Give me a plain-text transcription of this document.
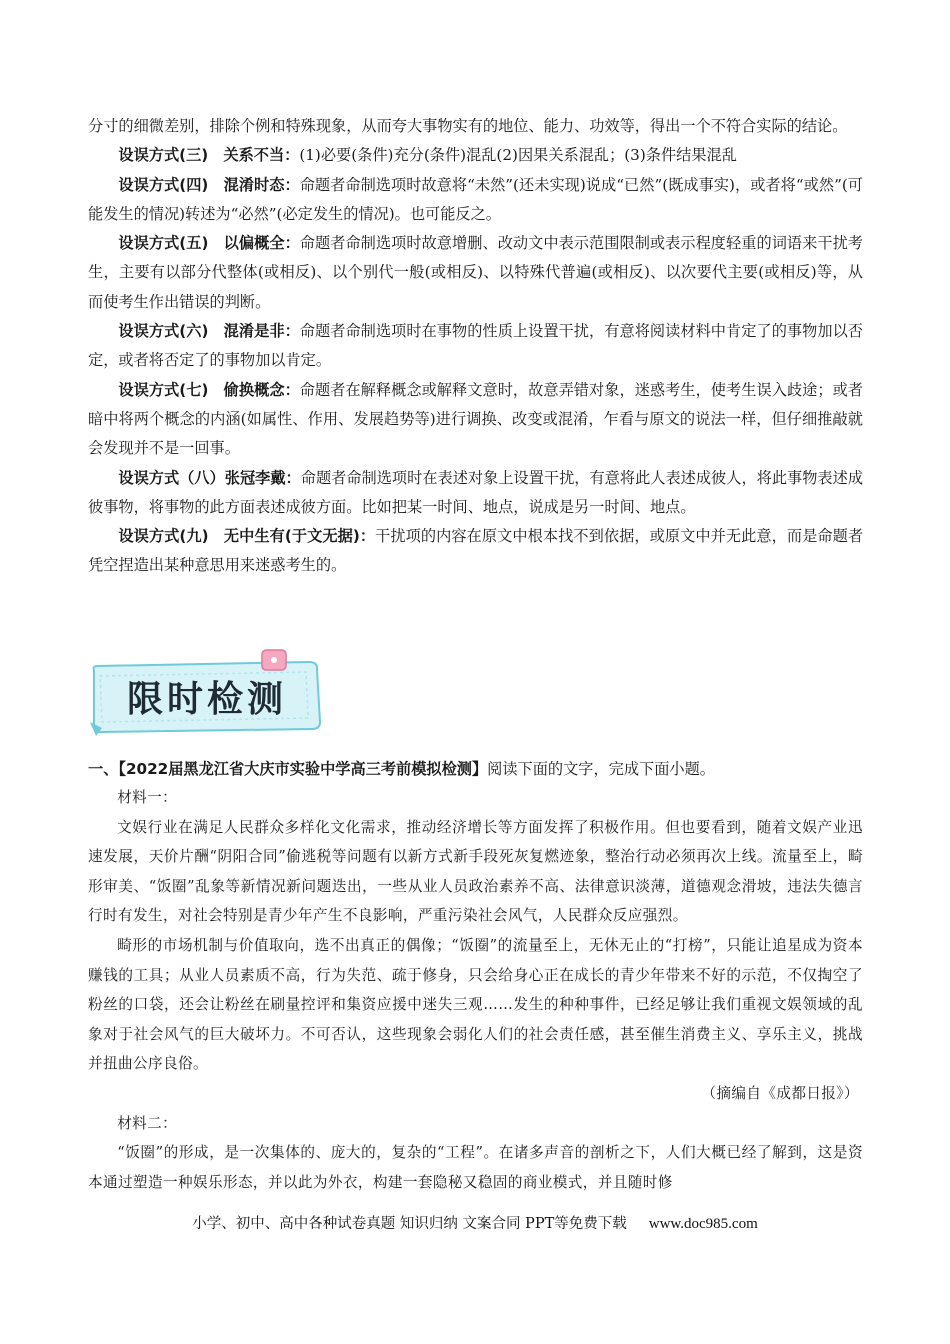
分寸的细微差别，排除个例和特殊现象，从而夸大事物实有的地位、能力、功效等，得出一个不符合实际的结论。

设误方式(三)　关系不当：(1)必要(条件)充分(条件)混乱(2)因果关系混乱；(3)条件结果混乱

设误方式(四)　混淆时态：命题者命制选项时故意将“未然”(还未实现)说成“已然”(既成事实)，或者将“或然”(可能发生的情况)转述为“必然”(必定发生的情况)。也可能反之。

设误方式(五)　以偏概全：命题者命制选项时故意增删、改动文中表示范围限制或表示程度轻重的词语来干扰考生，主要有以部分代整体(或相反)、以个别代一般(或相反)、以特殊代普遍(或相反)、以次要代主要(或相反)等，从而使考生作出错误的判断。

设误方式(六)　混淆是非：命题者命制选项时在事物的性质上设置干扰，有意将阅读材料中肯定了的事物加以否定，或者将否定了的事物加以肯定。

设误方式(七)　偷换概念：命题者在解释概念或解释文意时，故意弄错对象，迷惑考生，使考生误入歧途；或者暗中将两个概念的内涵(如属性、作用、发展趋势等)进行调换、改变或混淆，乍看与原文的说法一样，但仔细推敲就会发现并不是一回事。

设误方式（八）张冠李戴：命题者命制选项时在表述对象上设置干扰，有意将此人表述成彼人，将此事物表述成彼事物，将事物的此方面表述成彼方面。比如把某一时间、地点，说成是另一时间、地点。

设误方式(九)　无中生有(于文无据)：干扰项的内容在原文中根本找不到依据，或原文中并无此意，而是命题者凭空捏造出某种意思用来迷惑考生的。

限时检测

一、【2022届黑龙江省大庆市实验中学高三考前模拟检测】阅读下面的文字，完成下面小题。

材料一：

文娱行业在满足人民群众多样化文化需求，推动经济增长等方面发挥了积极作用。但也要看到，随着文娱产业迅速发展，天价片酬“阴阳合同”偷逃税等问题有以新方式新手段死灰复燃迹象，整治行动必须再次上线。流量至上，畸形审美、“饭圈”乱象等新情况新问题迭出，一些从业人员政治素养不高、法律意识淡薄，道德观念滑坡，违法失德言行时有发生，对社会特别是青少年产生不良影响，严重污染社会风气，人民群众反应强烈。

畸形的市场机制与价值取向，选不出真正的偶像；“饭圈”的流量至上，无休无止的“打榜”，只能让追星成为资本赚钱的工具；从业人员素质不高，行为失范、疏于修身，只会给身心正在成长的青少年带来不好的示范，不仅掏空了粉丝的口袋，还会让粉丝在刷量控评和集资应援中迷失三观……发生的种种事件，已经足够让我们重视文娱领域的乱象对于社会风气的巨大破坏力。不可否认，这些现象会弱化人们的社会责任感，甚至催生消费主义、享乐主义，挑战并扭曲公序良俗。

（摘编自《成都日报》）

材料二：

“饭圈”的形成，是一次集体的、庞大的，复杂的“工程”。在诸多声音的剖析之下，人们大概已经了解到，这是资本通过塑造一种娱乐形态，并以此为外衣，构建一套隐秘又稳固的商业模式，并且随时修

小学、初中、高中各种试卷真题 知识归纳 文案合同 PPT等免费下载 www.doc985.com
